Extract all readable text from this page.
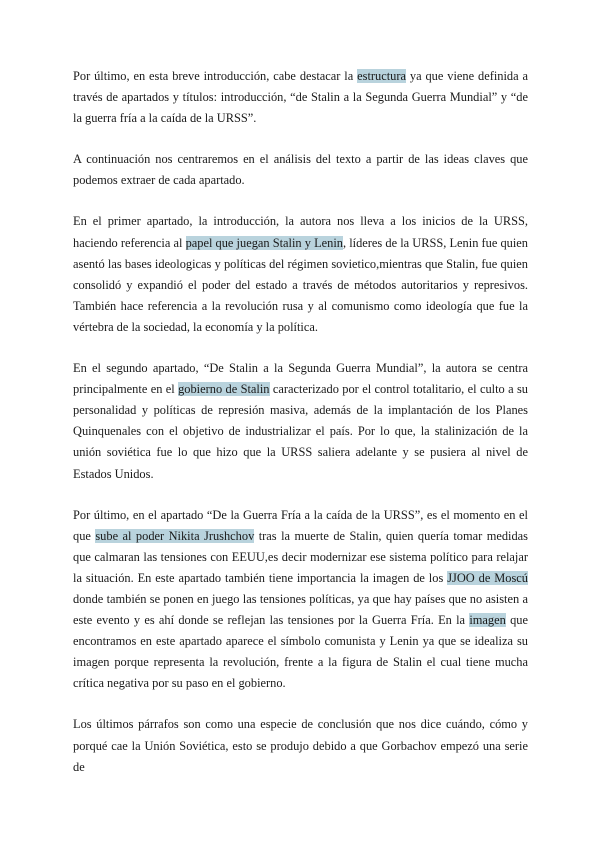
Por último, en esta breve introducción, cabe destacar la estructura ya que viene definida a través de apartados y títulos: introducción, “de Stalin a la Segunda Guerra Mundial” y “de la guerra fría a la caída de la URSS”.

A continuación nos centraremos en el análisis del texto a partir de las ideas claves que podemos extraer de cada apartado.

En el primer apartado, la introducción, la autora nos lleva a los inicios de la URSS, haciendo referencia al papel que juegan Stalin y Lenin, líderes de la URSS, Lenin fue quien asentó las bases ideologicas y políticas del régimen sovietico,mientras que Stalin, fue quien consolidó y expandió el poder del estado a través de métodos autoritarios y represivos. También hace referencia a la revolución rusa y al comunismo como ideología que fue la vértebra de la sociedad, la economía y la política.

En el segundo apartado, “De Stalin a la Segunda Guerra Mundial”, la autora se centra principalmente en el gobierno de Stalin caracterizado por el control totalitario, el culto a su personalidad y políticas de represión masiva, además de la implantación de los Planes Quinquenales con el objetivo de industrializar el país. Por lo que, la stalinización de la unión soviética fue lo que hizo que la URSS saliera adelante y se pusiera al nivel de Estados Unidos.

Por último, en el apartado “De la Guerra Fría a la caída de la URSS”, es el momento en el que sube al poder Nikita Jrushchov tras la muerte de Stalin, quien quería tomar medidas que calmaran las tensiones con EEUU,es decir modernizar ese sistema político para relajar la situación. En este apartado también tiene importancia la imagen de los JJOO de Moscú donde también se ponen en juego las tensiones políticas, ya que hay países que no asisten a este evento y es ahí donde se reflejan las tensiones por la Guerra Fría. En la imagen que encontramos en este apartado aparece el símbolo comunista y Lenin ya que se idealiza su imagen porque representa la revolución, frente a la figura de Stalin el cual tiene mucha crítica negativa por su paso en el gobierno.

Los últimos párrafos son como una especie de conclusión que nos dice cuándo, cómo y porqué cae la Unión Soviética, esto se produjo debido a que Gorbachov empezó una serie de
